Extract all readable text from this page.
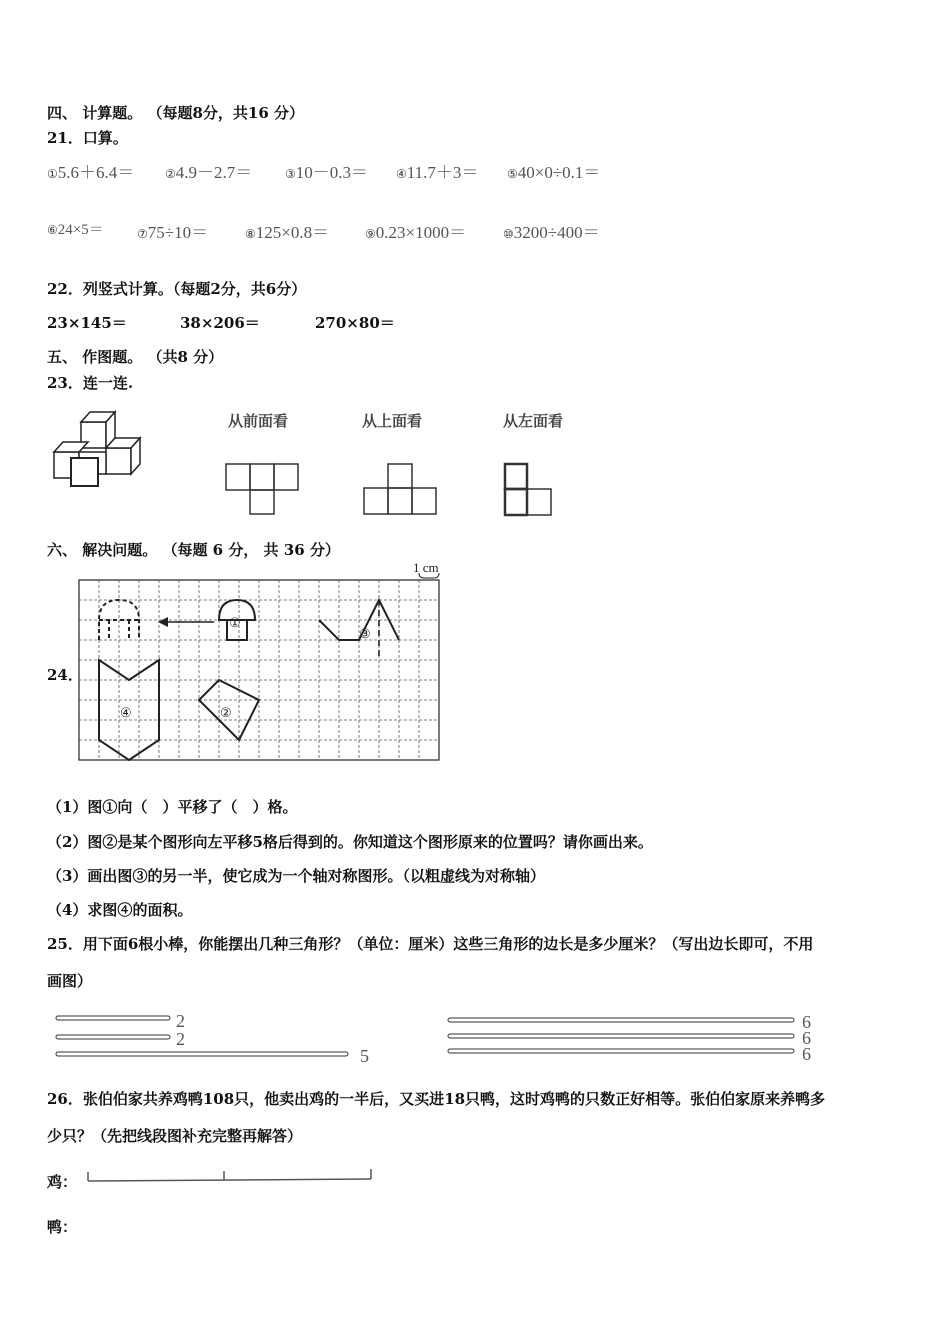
四、 计算题。 （每题8分，共16 分）
21．口算。
①5.6＋6.4＝	②4.9－2.7＝	③10－0.3＝ ④11.7＋3＝ ⑤40×0÷0.1＝
⑥24×5＝	⑦75÷10＝	⑧125×0.8＝	⑨0.23×1000＝	⑩3200÷400＝
22．列竖式计算。（每题2分，共6分）
23×145＝	38×206＝	270×80＝
五、 作图题。 （共8 分）
23．连一连.
从前面看	从上面看	从左面看
六、 解决问题。 （每题 6 分， 共 36 分）
24．
1 cm
①
③
④	②
（1）图①向（　）平移了（　）格。
（2）图②是某个图形向左平移5格后得到的。你知道这个图形原来的位置吗？请你画出来。
（3）画出图③的另一半，使它成为一个轴对称图形。（以粗虚线为对称轴）
（4）求图④的面积。
25．用下面6根小棒，你能摆出几种三角形？（单位：厘米）这些三角形的边长是多少厘米？（写出边长即可，不用
画图）
2
2
5
6
6
6
26．张伯伯家共养鸡鸭108只，他卖出鸡的一半后，又买进18只鸭，这时鸡鸭的只数正好相等。张伯伯家原来养鸭多
少只？（先把线段图补充完整再解答）
鸡：
鸭：
